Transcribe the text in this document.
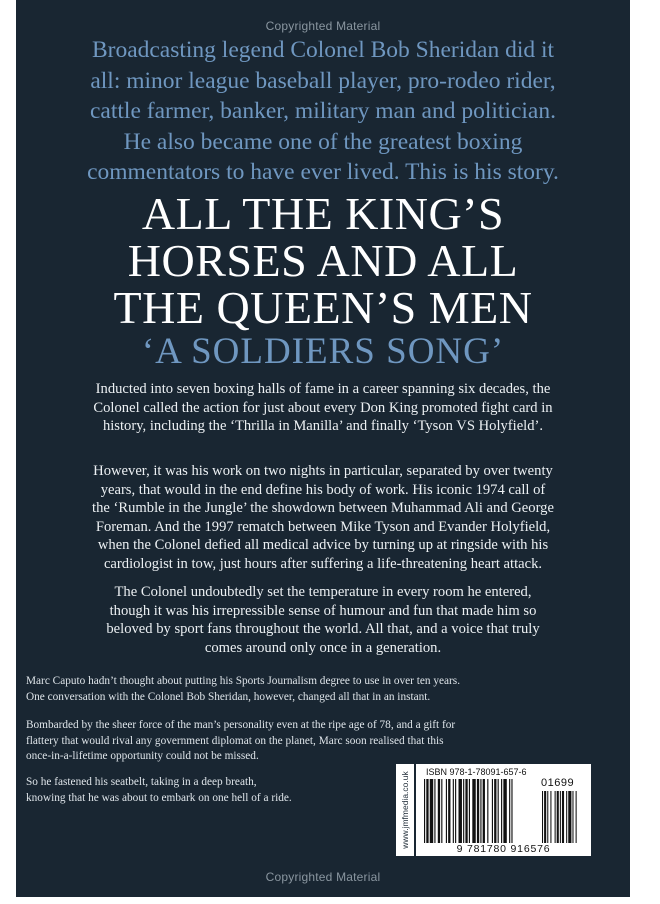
Copyrighted Material

Broadcasting legend Colonel Bob Sheridan did it
all: minor league baseball player, pro-rodeo rider,
cattle farmer, banker, military man and politician.
He also became one of the greatest boxing
commentators to have ever lived. This is his story.

ALL THE KING’S
HORSES AND ALL
THE QUEEN’S MEN
‘A SOLDIERS SONG’

Inducted into seven boxing halls of fame in a career spanning six decades, the
Colonel called the action for just about every Don King promoted fight card in
history, including the ‘Thrilla in Manilla’ and finally ‘Tyson VS Holyfield’.

However, it was his work on two nights in particular, separated by over twenty
years, that would in the end define his body of work. His iconic 1974 call of
the ‘Rumble in the Jungle’ the showdown between Muhammad Ali and George
Foreman. And the 1997 rematch between Mike Tyson and Evander Holyfield,
when the Colonel defied all medical advice by turning up at ringside with his
cardiologist in tow, just hours after suffering a life-threatening heart attack.

The Colonel undoubtedly set the temperature in every room he entered,
though it was his irrepressible sense of humour and fun that made him so
beloved by sport fans throughout the world. All that, and a voice that truly
comes around only once in a generation.

Marc Caputo hadn’t thought about putting his Sports Journalism degree to use in over ten years.
One conversation with the Colonel Bob Sheridan, however, changed all that in an instant.

Bombarded by the sheer force of the man’s personality even at the ripe age of 78, and a gift for
flattery that would rival any government diplomat on the planet, Marc soon realised that this
once-in-a-lifetime opportunity could not be missed.

So he fastened his seatbelt, taking in a deep breath,
knowing that he was about to embark on one hell of a ride.	www.jmfmedia.co.uk ISBN 978-1-78091-657-6
01699
9 781780 916576
Copyrighted Material
